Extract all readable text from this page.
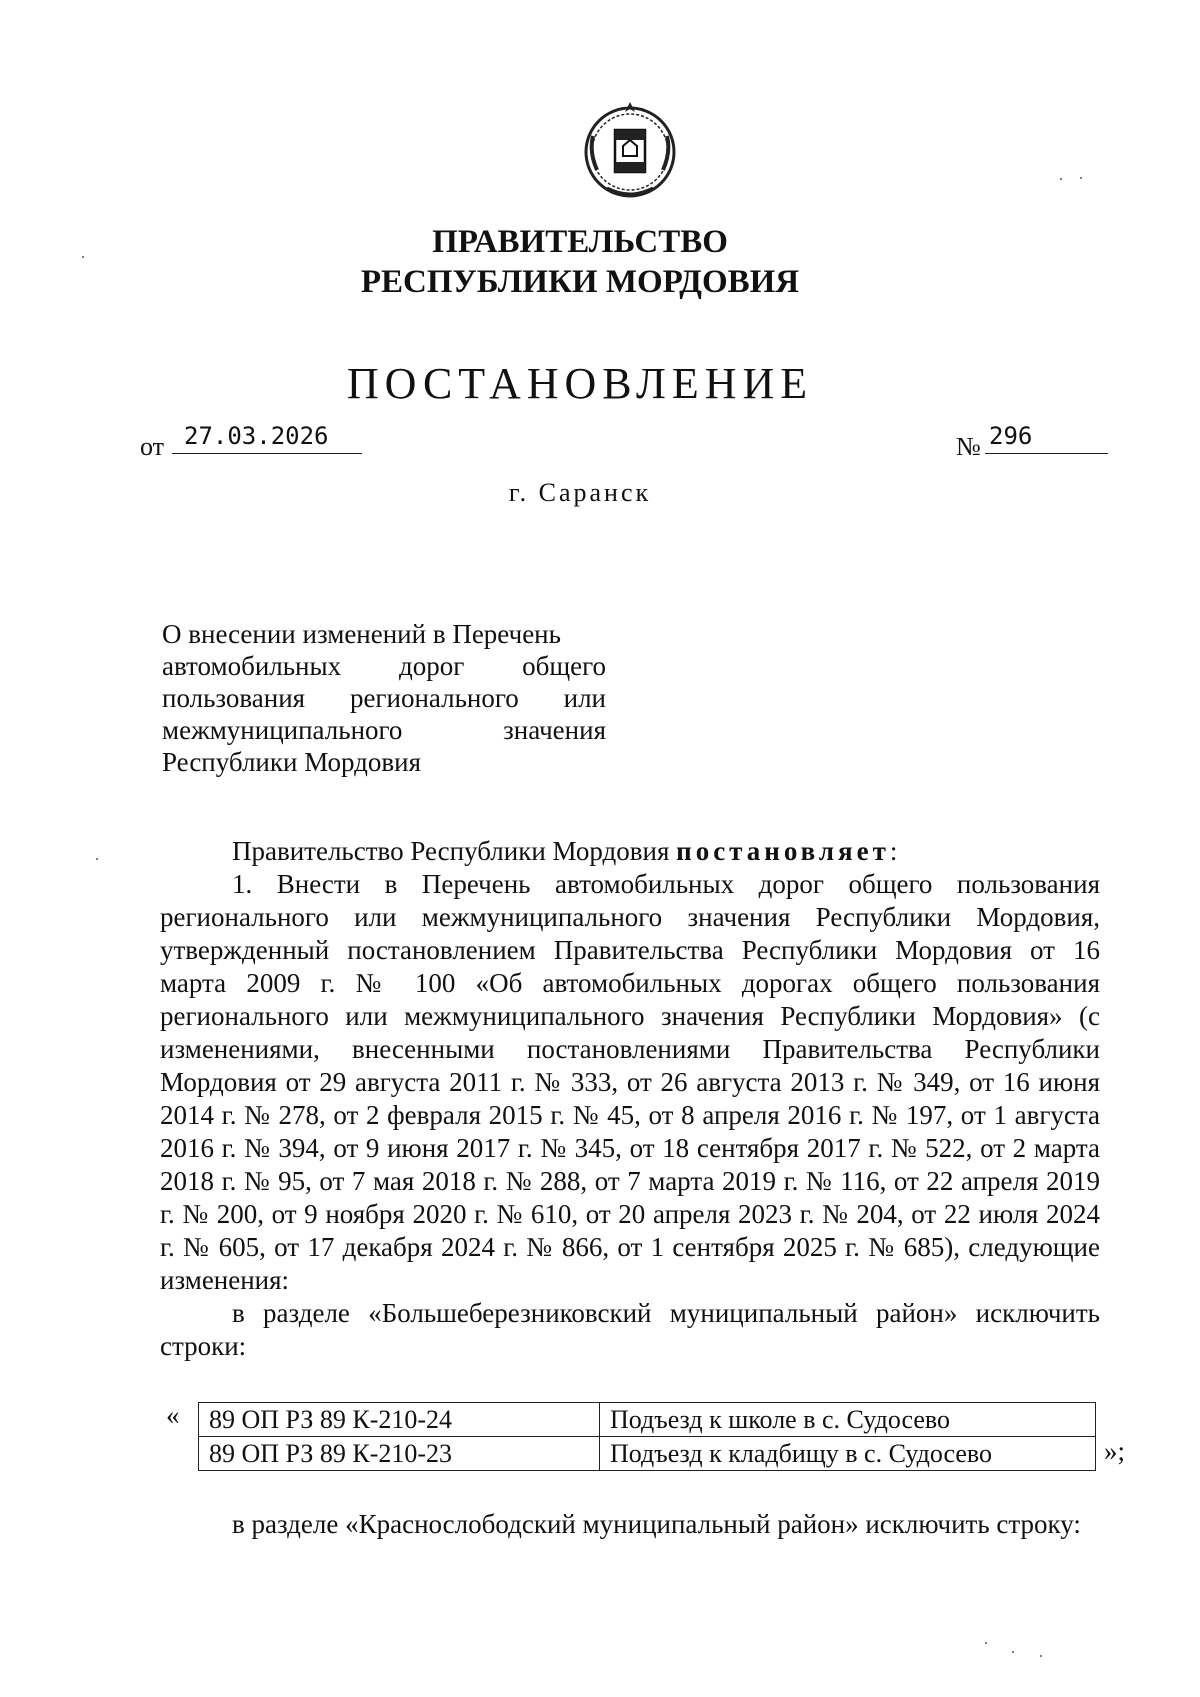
ПРАВИТЕЛЬСТВО
РЕСПУБЛИКИ МОРДОВИЯ
ПОСТАНОВЛЕНИЕ
от 27.03.2026	№ 296
г. Саранск
О внесении изменений в Перечень
автомобильных дорог общего
пользования регионального или
межмуниципального значения
Республики Мордовия
Правительство Республики Мордовия постановляет:
1. Внести в Перечень автомобильных дорог общего пользования регионального или межмуниципального значения Республики Мордовия, утвержденный постановлением Правительства Республики Мордовия от 16 марта 2009 г. № 100 «Об автомобильных дорогах общего пользования регионального или межмуниципального значения Республики Мордовия» (с изменениями, внесенными постановлениями Правительства Республики Мордовия от 29 августа 2011 г. № 333, от 26 августа 2013 г. № 349, от 16 июня 2014 г. № 278, от 2 февраля 2015 г. № 45, от 8 апреля 2016 г. № 197, от 1 августа 2016 г. № 394, от 9 июня 2017 г. № 345, от 18 сентября 2017 г. № 522, от 2 марта 2018 г. № 95, от 7 мая 2018 г. № 288, от 7 марта 2019 г. № 116, от 22 апреля 2019 г. № 200, от 9 ноября 2020 г. № 610, от 20 апреля 2023 г. № 204, от 22 июля 2024 г. № 605, от 17 декабря 2024 г. № 866, от 1 сентября 2025 г. № 685), следующие изменения:
в разделе «Большеберезниковский муниципальный район» исключить строки:
« 89 ОП РЗ 89 К-210-24	Подъезд к школе в с. Судосево
89 ОП РЗ 89 К-210-23	Подъезд к кладбищу в с. Судосево	»;
в разделе «Краснослободский муниципальный район» исключить строку:
